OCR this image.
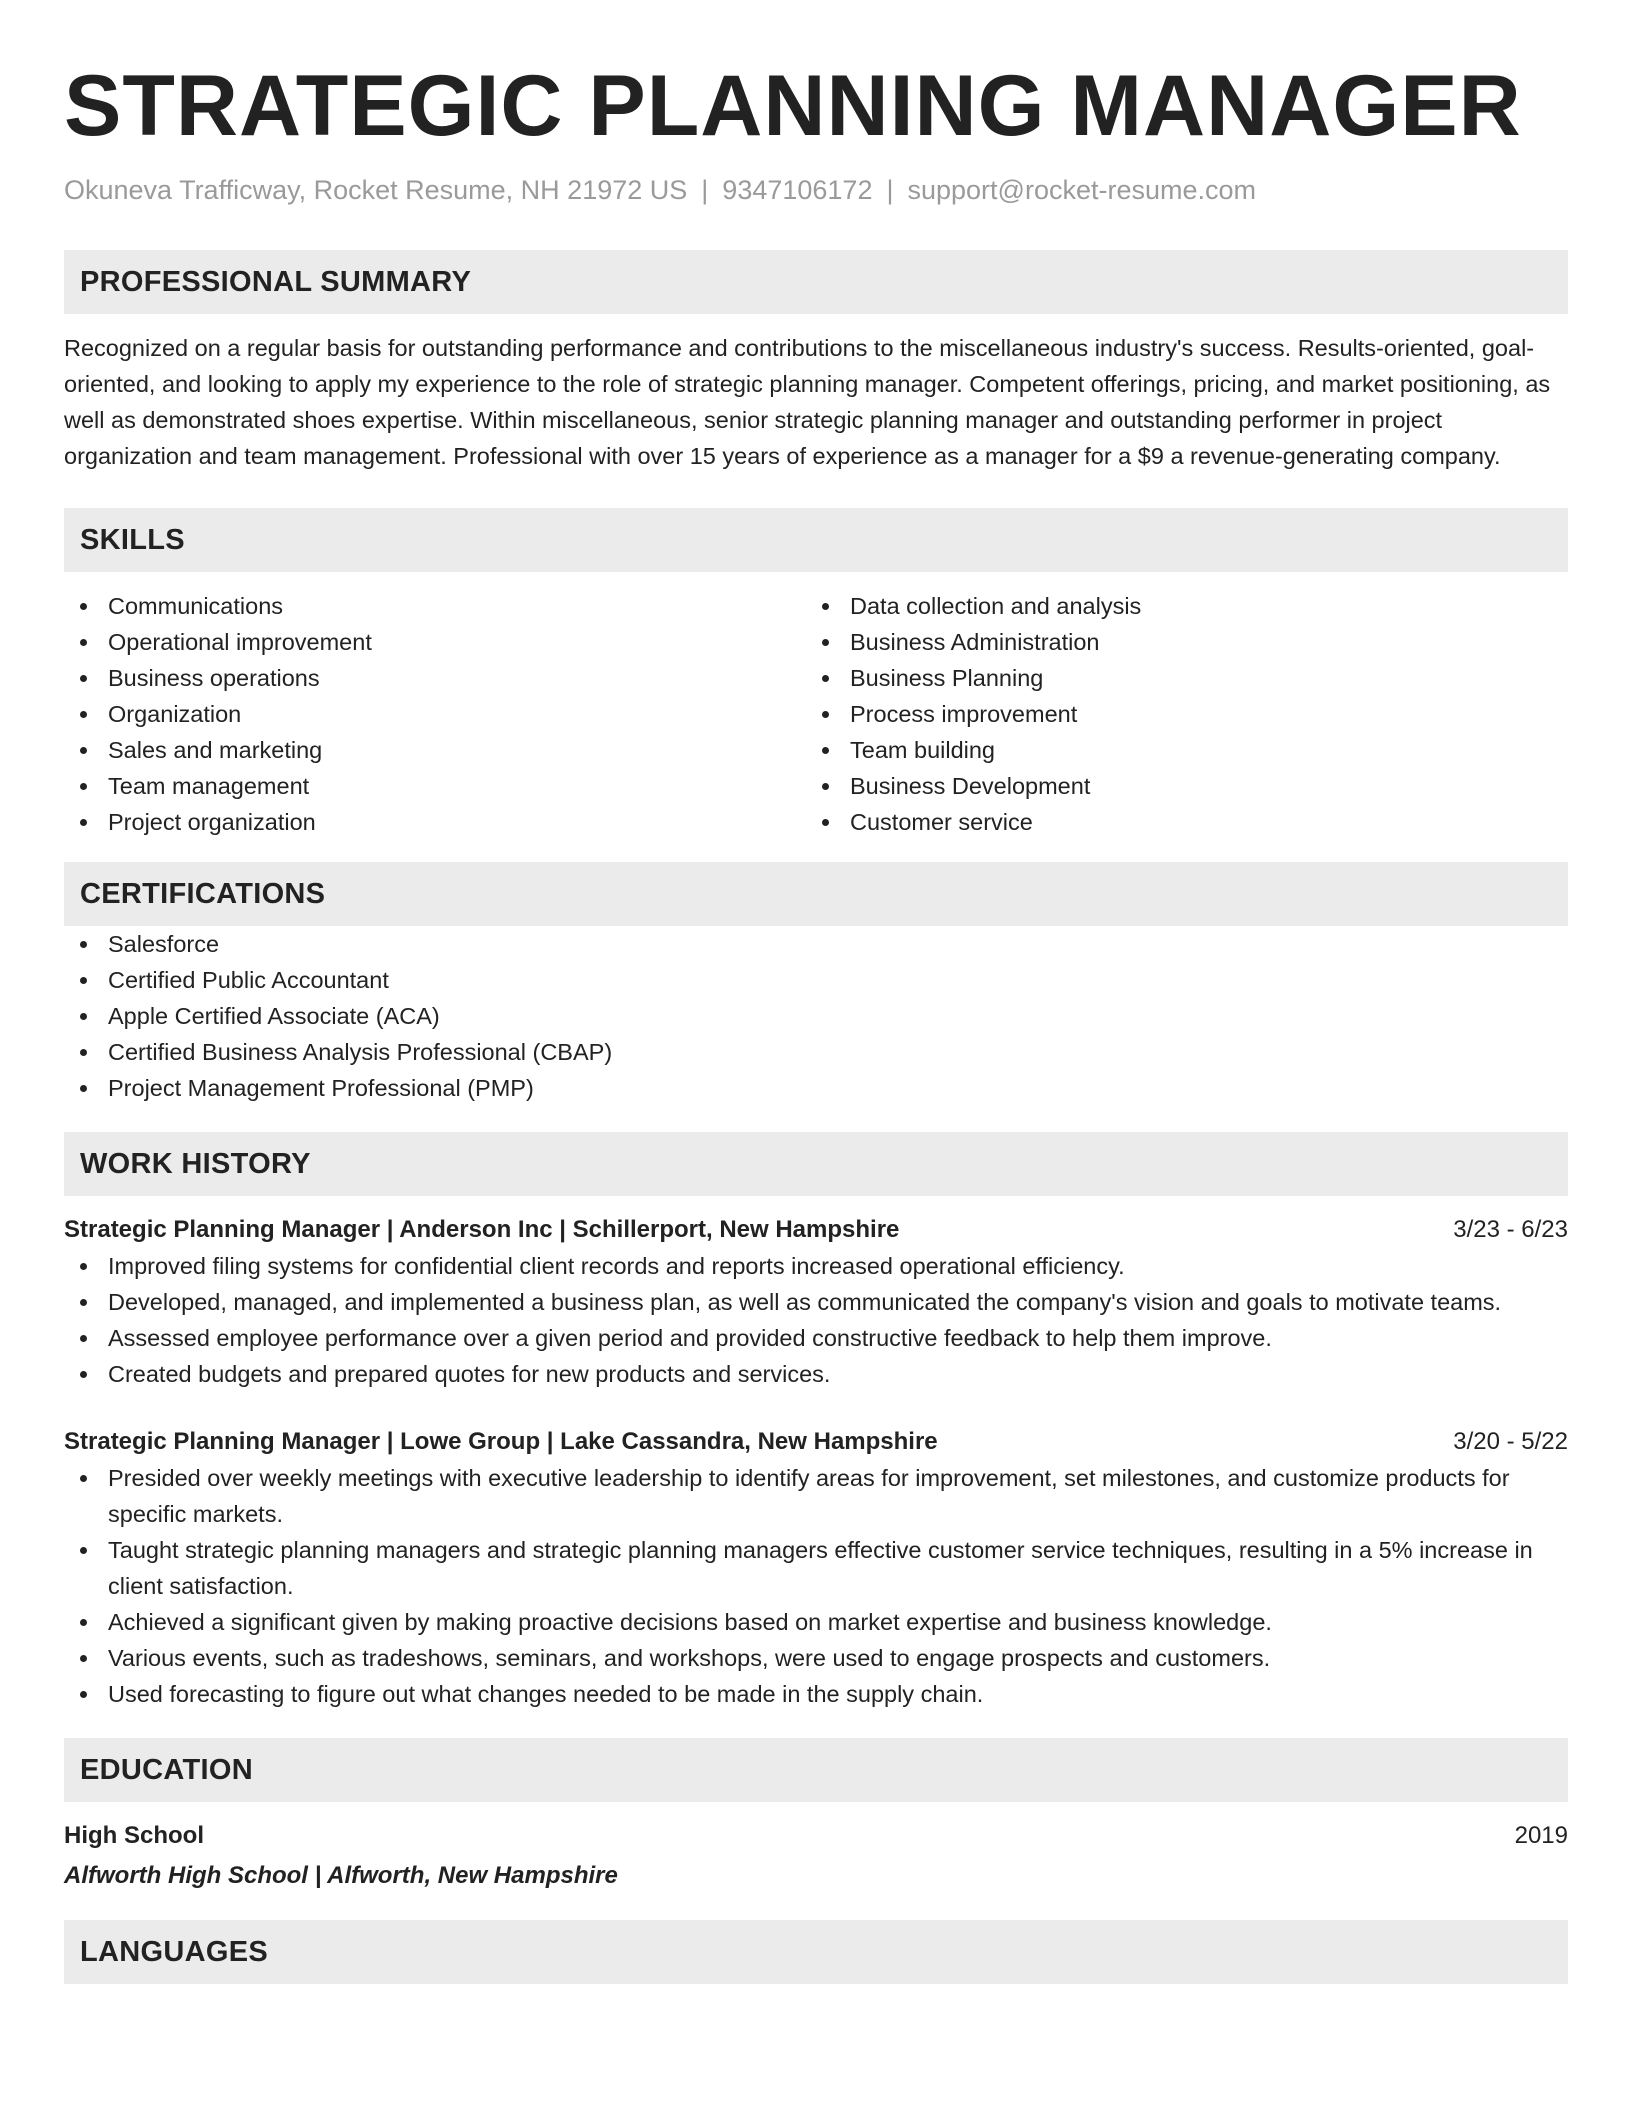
STRATEGIC PLANNING MANAGER
Okuneva Trafficway, Rocket Resume, NH 21972 US | 9347106172 | support@rocket-resume.com
PROFESSIONAL SUMMARY
Recognized on a regular basis for outstanding performance and contributions to the miscellaneous industry's success. Results-oriented, goal-oriented, and looking to apply my experience to the role of strategic planning manager. Competent offerings, pricing, and market positioning, as well as demonstrated shoes expertise. Within miscellaneous, senior strategic planning manager and outstanding performer in project organization and team management. Professional with over 15 years of experience as a manager for a $9 a revenue-generating company.
SKILLS
Communications
Operational improvement
Business operations
Organization
Sales and marketing
Team management
Project organization
Data collection and analysis
Business Administration
Business Planning
Process improvement
Team building
Business Development
Customer service
CERTIFICATIONS
Salesforce
Certified Public Accountant
Apple Certified Associate (ACA)
Certified Business Analysis Professional (CBAP)
Project Management Professional (PMP)
WORK HISTORY
Strategic Planning Manager | Anderson Inc | Schillerport, New Hampshire	3/23 - 6/23
Improved filing systems for confidential client records and reports increased operational efficiency.
Developed, managed, and implemented a business plan, as well as communicated the company's vision and goals to motivate teams.
Assessed employee performance over a given period and provided constructive feedback to help them improve.
Created budgets and prepared quotes for new products and services.
Strategic Planning Manager | Lowe Group | Lake Cassandra, New Hampshire	3/20 - 5/22
Presided over weekly meetings with executive leadership to identify areas for improvement, set milestones, and customize products for specific markets.
Taught strategic planning managers and strategic planning managers effective customer service techniques, resulting in a 5% increase in client satisfaction.
Achieved a significant given by making proactive decisions based on market expertise and business knowledge.
Various events, such as tradeshows, seminars, and workshops, were used to engage prospects and customers.
Used forecasting to figure out what changes needed to be made in the supply chain.
EDUCATION
High School	2019
Alfworth High School | Alfworth, New Hampshire
LANGUAGES
